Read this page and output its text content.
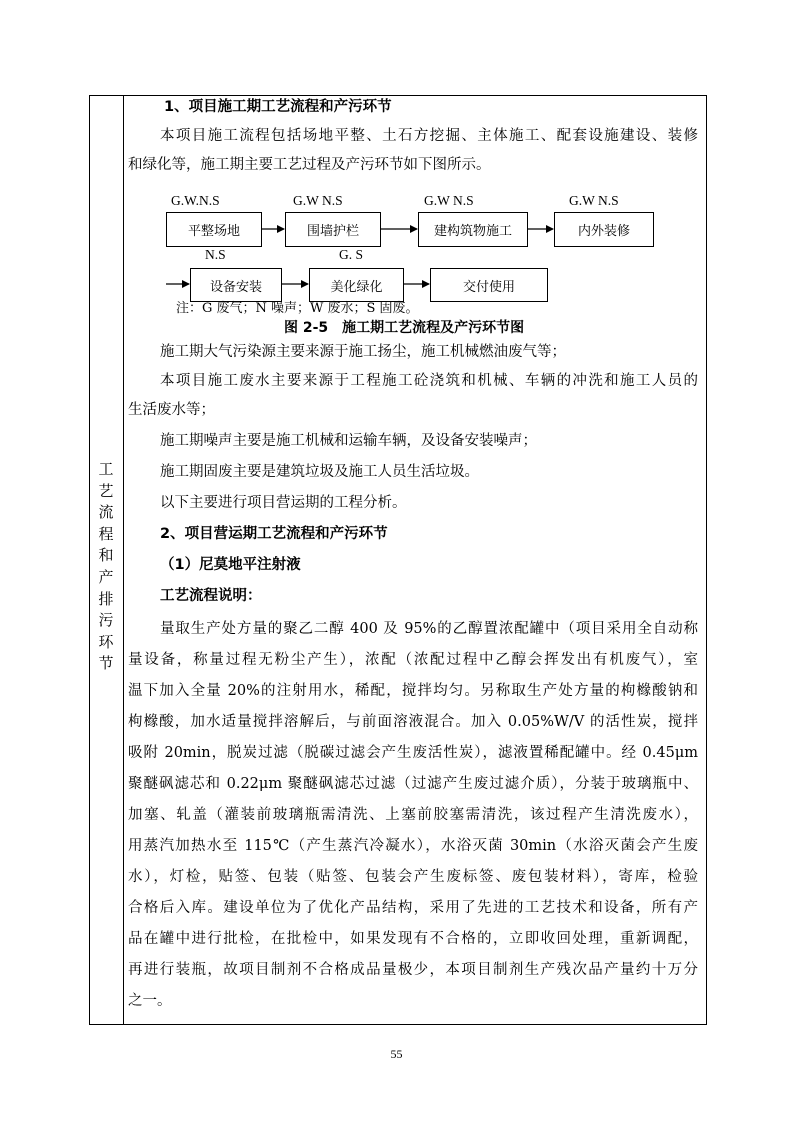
工
艺
流
程
和
产
排
污
环
节
1、项目施工期工艺流程和产污环节
本项目施工流程包括场地平整、土石方挖掘、主体施工、配套设施建设、装修
和绿化等，施工期主要工艺过程及产污环节如下图所示。
G.W.N.S	G.W N.S	G.W N.S	G.W N.S
平整场地	围墙护栏	建构筑物施工	内外装修
N.S	G. S
设备安装	美化绿化	交付使用
注：G 废气；N 噪声；W 废水；S 固废。
图 2-5　施工期工艺流程及产污环节图
施工期大气污染源主要来源于施工扬尘，施工机械燃油废气等；
本项目施工废水主要来源于工程施工砼浇筑和机械、车辆的冲洗和施工人员的
生活废水等；
施工期噪声主要是施工机械和运输车辆，及设备安装噪声；
施工期固废主要是建筑垃圾及施工人员生活垃圾。
以下主要进行项目营运期的工程分析。
2、项目营运期工艺流程和产污环节
（1）尼莫地平注射液
工艺流程说明：
量取生产处方量的聚乙二醇 400 及 95%的乙醇置浓配罐中（项目采用全自动称
量设备，称量过程无粉尘产生），浓配（浓配过程中乙醇会挥发出有机废气），室
温下加入全量 20%的注射用水，稀配，搅拌均匀。另称取生产处方量的枸橼酸钠和
枸橼酸，加水适量搅拌溶解后，与前面溶液混合。加入 0.05%W/V 的活性炭，搅拌
吸附 20min，脱炭过滤（脱碳过滤会产生废活性炭），滤液置稀配罐中。经 0.45μm
聚醚砜滤芯和 0.22μm 聚醚砜滤芯过滤（过滤产生废过滤介质），分装于玻璃瓶中、
加塞、轧盖（灌装前玻璃瓶需清洗、上塞前胶塞需清洗，该过程产生清洗废水），
用蒸汽加热水至 115℃（产生蒸汽冷凝水），水浴灭菌 30min（水浴灭菌会产生废
水），灯检，贴签、包装（贴签、包装会产生废标签、废包装材料），寄库，检验
合格后入库。建设单位为了优化产品结构，采用了先进的工艺技术和设备，所有产
品在罐中进行批检，在批检中，如果发现有不合格的，立即收回处理，重新调配，
再进行装瓶，故项目制剂不合格成品量极少，本项目制剂生产残次品产量约十万分
之一。
55
